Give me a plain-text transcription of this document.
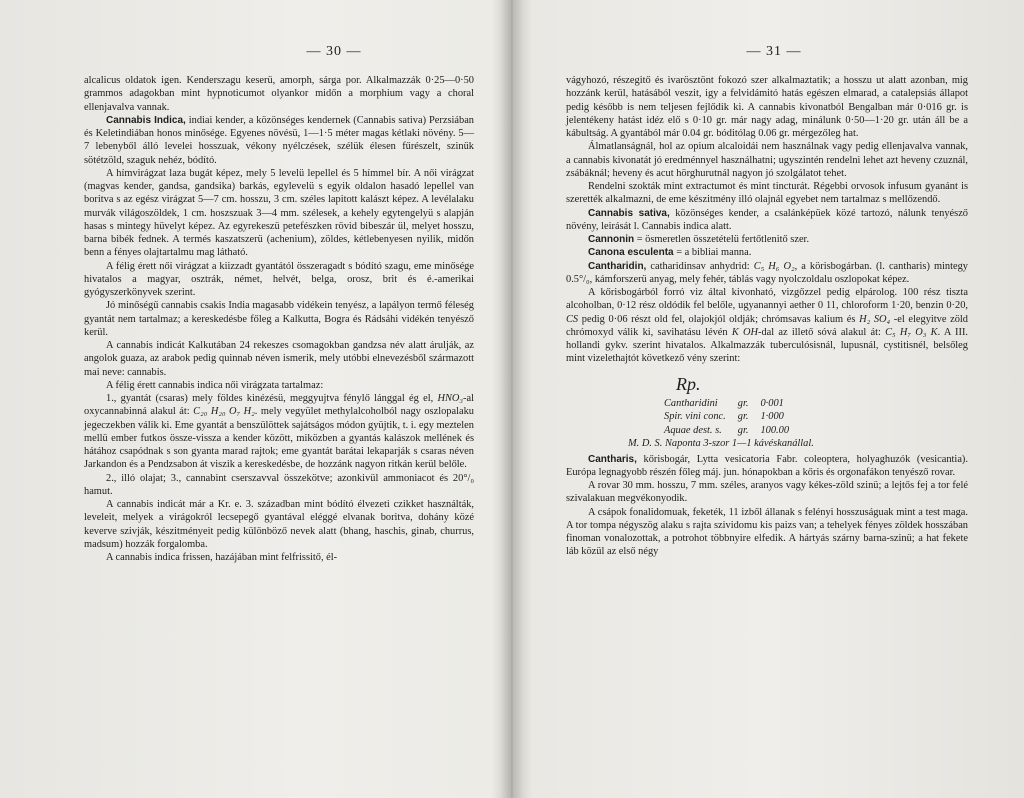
— 30 —

alcalicus oldatok igen. Kenderszagu keserü, amorph, sárga por. Alkalmazzák 0·25—0·50 grammos adagokban mint hypnoticumot olyankor midőn a morphium vagy a choral ellenjavalva vannak.

Cannabis Indica, indiai kender, a közönséges kendernek (Cannabis sativa) Perzsiában és Keletindiában honos minősége. Egyenes növésü, 1—1·5 méter magas kétlaki növény. 5—7 lebenyből álló levelei hosszuak, vékony nyélczések, szélük élesen fűrészelt, szinük sötétzöld, szaguk nehéz, bódító.

A hímvirágzat laza bugát képez, mely 5 levelü lepellel és 5 hímmel bír. A női virágzat (magvas kender, gandsa, gandsika) barkás, egylevelü s egyik oldalon hasadó lepellel van boritva s az egész virágzat 5—7 cm. hosszu, 3 cm. széles lapitott kalászt képez. A levélalaku murvák világoszöldek, 1 cm. hoszszuak 3—4 mm. szélesek, a kehely egytengelyü s alapján hasas s mintegy hüvelyt képez. Az egyrekeszü petefészken rövid bibeszár ül, melyet hosszu, barna bibék fednek. A termés kaszatszerü (achenium), zöldes, kétlebenyesen nyilik, midőn benn a fényes olajtartalmu mag látható.

A félig érett női virágzat a kiizzadt gyantától összeragadt s bódító szagu, eme minősége hivatalos a magyar, osztrák, német, helvét, belga, orosz, brit és é.-amerikai gyógyszerkönyvek szerint.

Jó minőségű cannabis csakis India magasabb vidékein tenyész, a lapályon termő féleség gyantát nem tartalmaz; a kereskedésbe főleg a Kalkutta, Bogra és Rádsáhi vidékén tenyésző kerül.

A cannabis indicát Kalkutában 24 rekeszes csomagokban gandzsa név alatt árulják, az angolok guaza, az arabok pedig quinnab néven ismerik, mely utóbbi elnevezésből származott mai neve: cannabis.

A félig érett cannabis indica női virágzata tartalmaz:

1., gyantát (csaras) mely földes kinézésü, meggyujtva fénylő lánggal ég el, HNO₃-al oxycannabinná alakul át: C₂₀ H₂₀ O₇ H₂. mely vegyület methylalcoholból nagy oszlopalaku jegeczekben válik ki. Eme gyantát a benszülöttek sajátságos módon gyüjtik, t. i. egy meztelen mellü ember futkos össze-vissza a kender között, miközben a gyantás kalászok mellének és hátához csapódnak s son gyanta marad rajtok; eme gyantát barátai lekaparják s csaras néven Jarkandon és a Pendzsabon át viszik a kereskedésbe, de hozzánk nagyon ritkán kerül belőle.

2., illó olajat; 3., cannabint cserszavval összekötve; azonkivül ammoniacot és 20°/₀ hamut.

A cannabis indicát már a Kr. e. 3. században mint bódító élvezeti czikket használták, leveleit, melyek a virágokról lecsepegő gyantával eléggé elvanak boritva, dohány közé keverve szivják, készitményeit pedig különböző nevek alatt (bhang, haschis, ginab, churrus, madsum) hozzák forgalomba.

A cannabis indica frissen, hazájában mint felfrissitő, él-

— 31 —

vágyhozó, részegitő és ivarösztönt fokozó szer alkalmaztatik; a hosszu ut alatt azonban, mig hozzánk kerül, hatásából veszit, igy a felvidámitó hatás egészen elmarad, a catalepsiás állapot pedig később is nem teljesen fejlődik ki. A cannabis kivonatból Bengalban már 0·016 gr. is jelentékeny hatást idéz elő s 0·10 gr. már nagy adag, minálunk 0·50—1·20 gr. után áll be a kábultság. A gyantából már 0.04 gr. bóditólag 0.06 gr. mérgezőleg hat.

Álmatlanságnál, hol az opium alcaloidái nem használnak vagy pedig ellenjavalva vannak, a cannabis kivonatát jó eredménnyel használhatni; ugyszintén rendelni lehet azt heveny czuznál, zsábáknál; heveny és acut hörghurutnál nagyon jó szolgálatot tehet.

Rendelni szokták mint extractumot és mint tincturát. Régebbi orvosok infusum gyanánt is szerették alkalmazni, de eme készitmény illó olajnál egyebet nem tartalmaz s mellőzendő.

Cannabis sativa, közönséges kender, a csalánképüek közé tartozó, nálunk tenyésző növény, leirását l. Cannabis indica alatt.

Cannonin = ösmeretlen összetételü fertőtlenitő szer.

Canona esculenta = a bibliai manna.

Cantharidin, catharidinsav anhydrid: C₅ H₆ O₂, a körisbogárban. (l. cantharis) mintegy 0.5°/₀, kámforszerü anyag, mely fehér, táblás vagy nyolczoldalu oszlopokat képez.

A kőrisbogárból forró viz által kivonható, vizgőzzel pedig elpárolog. 100 rész tiszta alcoholban, 0·12 rész oldódik fel belőle, ugyanannyi aether 0 11, chloroform 1·20, benzin 0·20, CS pedig 0·06 részt old fel, olajokjól oldják; chrómsavas kalium és H₂ SO₄ -el elegyitve zöld chrómoxyd válik ki, savihatásu lévén K OH-dal az illető sóvá alakul át: C₅ H₇ O₃ K. A III. hollandi gykv. szerint hivatalos. Alkalmazzák tuberculósisnál, lupusnál, cystitisnél, belsőleg mint vizelethajtót következő vény szerint:

Rp.
Cantharidini	gr.	0·001
Spir. vini conc.	gr.	1·000
Aquae dest. s.	gr.	100.00
M. D. S. Naponta 3-szor 1—1 kávéskanállal.

Cantharis, kőrisbogár, Lytta vesicatoria Fabr. coleoptera, holyaghuzók (vesicantia). Európa legnagyobb részén főleg máj. jun. hónapokban a kőris és orgonafákon tenyésző rovar.

A rovar 30 mm. hosszu, 7 mm. széles, aranyos vagy kékes-zöld szinü; a lejtős fej a tor felé szivalakuan megvékonyodik.

A csápok fonalidomuak, feketék, 11 izből állanak s felényi hosszuságuak mint a test maga. A tor tompa négyszög alaku s rajta szividomu kis paizs van; a tehelyek fényes zöldek hosszában finoman vonalozottak, a potrohot többnyire elfedik. A hártyás szárny barna-szinü; a hat fekete láb közül az első négy
